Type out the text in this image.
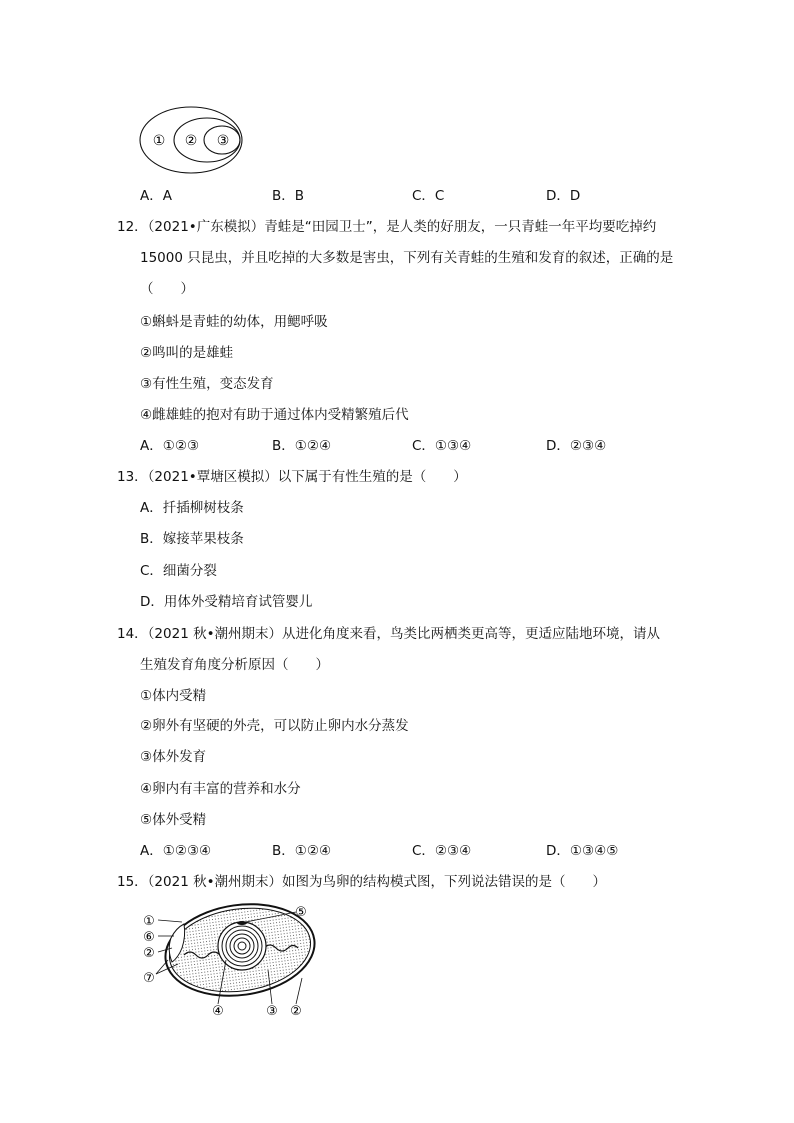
① ② ③
A．A	B．B	C．C	D．D
12．（2021•广东模拟）青蛙是“田园卫士”，是人类的好朋友，一只青蛙一年平均要吃掉约
15000 只昆虫，并且吃掉的大多数是害虫，下列有关青蛙的生殖和发育的叙述，正确的是
（　　）
①蝌蚪是青蛙的幼体，用鳃呼吸
②鸣叫的是雄蛙
③有性生殖，变态发育
④雌雄蛙的抱对有助于通过体内受精繁殖后代
A．①②③	B．①②④	C．①③④	D．②③④
13．（2021•覃塘区模拟）以下属于有性生殖的是（　　）
A．扦插柳树枝条
B．嫁接苹果枝条
C．细菌分裂
D．用体外受精培育试管婴儿
14．（2021 秋•潮州期末）从进化角度来看，鸟类比两栖类更高等，更适应陆地环境，请从
生殖发育角度分析原因（　　）
①体内受精
②卵外有坚硬的外壳，可以防止卵内水分蒸发
③体外发育
④卵内有丰富的营养和水分
⑤体外受精
A．①②③④	B．①②④	C．②③④	D．①③④⑤
15．（2021 秋•潮州期末）如图为鸟卵的结构模式图，下列说法错误的是（　　）
①
⑥
②
⑦
⑤
④	③ ②
